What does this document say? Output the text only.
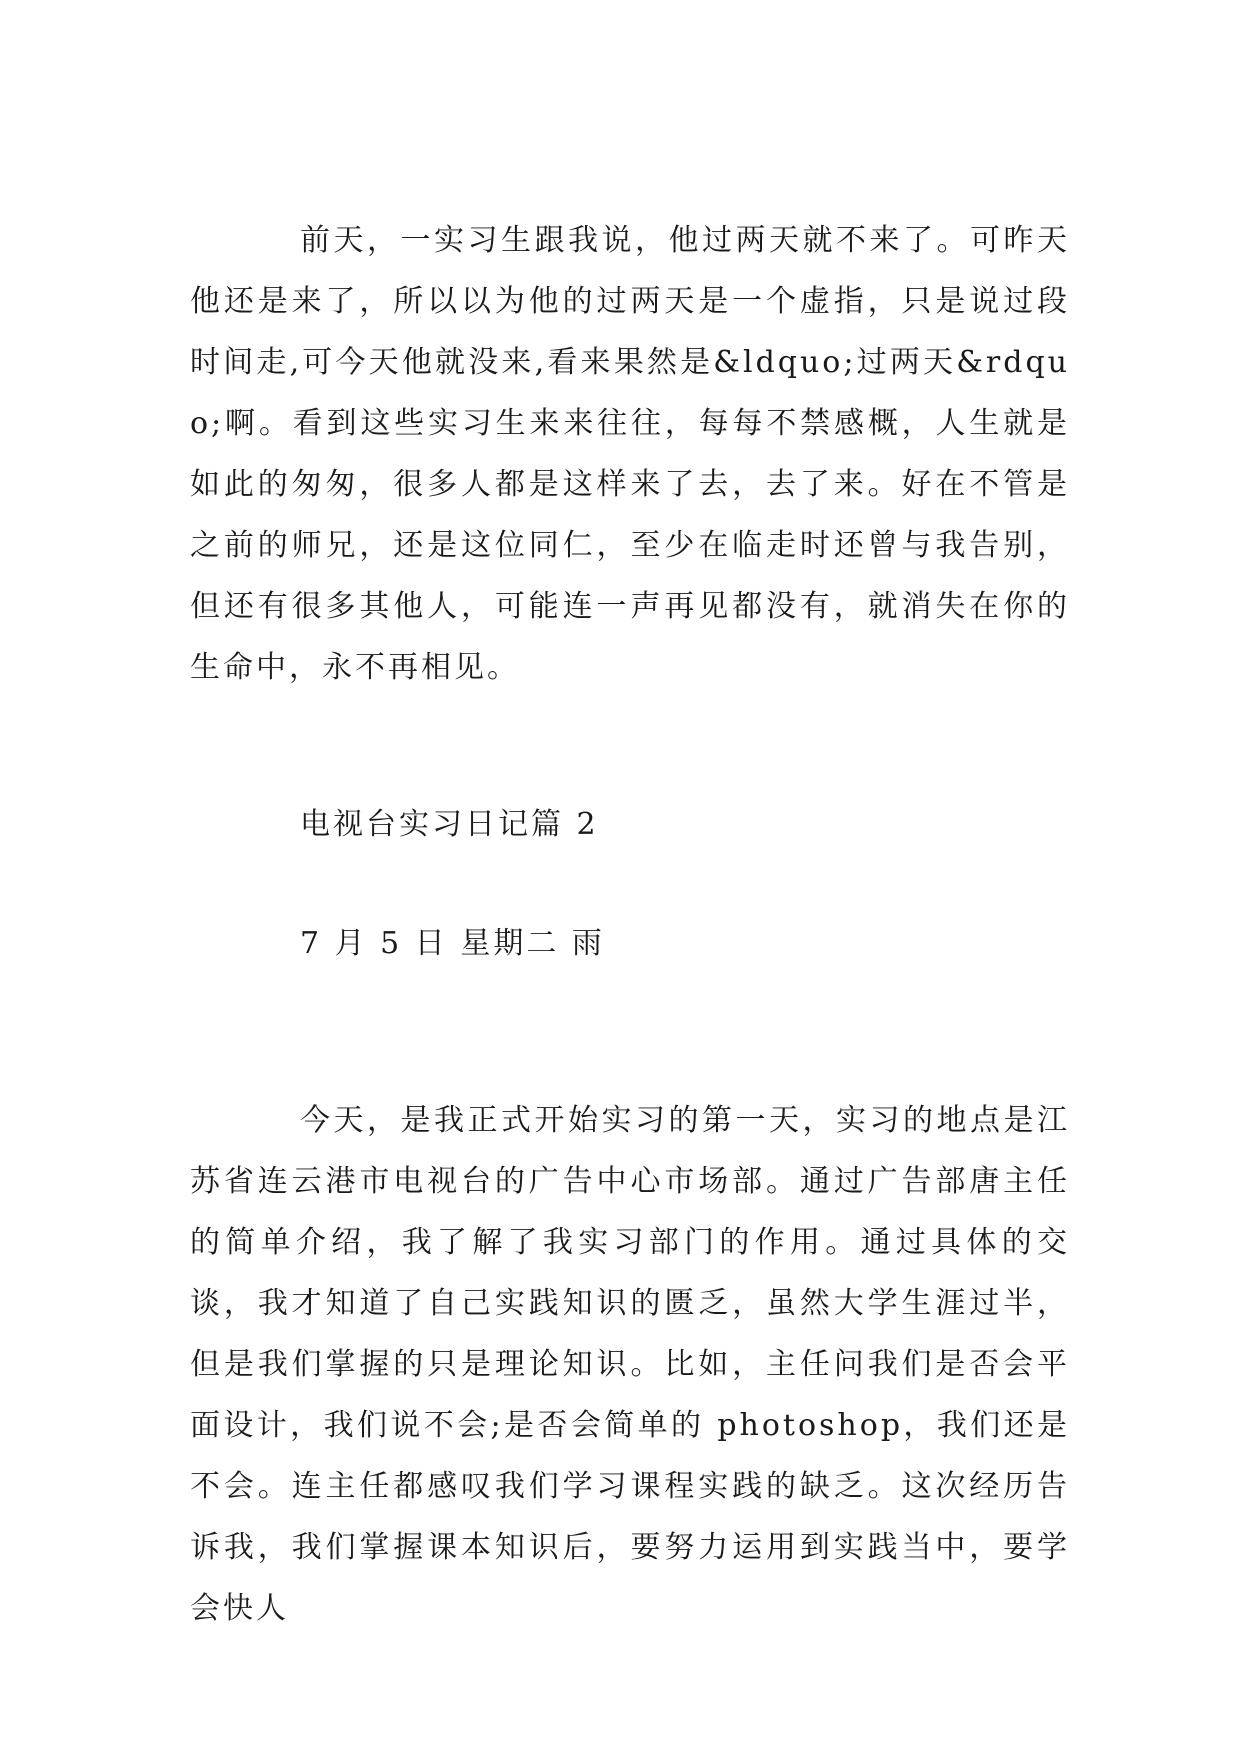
前天，一实习生跟我说，他过两天就不来了。可昨天他还是来了，所以以为他的过两天是一个虚指，只是说过段时间走,可今天他就没来,看来果然是&ldquo;过两天&rdquo;啊。看到这些实习生来来往往，每每不禁感概，人生就是如此的匆匆，很多人都是这样来了去，去了来。好在不管是之前的师兄，还是这位同仁，至少在临走时还曾与我告别，但还有很多其他人，可能连一声再见都没有，就消失在你的生命中，永不再相见。

电视台实习日记篇 2

7 月 5 日 星期二 雨

今天，是我正式开始实习的第一天，实习的地点是江苏省连云港市电视台的广告中心市场部。通过广告部唐主任的简单介绍，我了解了我实习部门的作用。通过具体的交谈，我才知道了自己实践知识的匮乏，虽然大学生涯过半，但是我们掌握的只是理论知识。比如，主任问我们是否会平面设计，我们说不会;是否会简单的 photoshop，我们还是不会。连主任都感叹我们学习课程实践的缺乏。这次经历告诉我，我们掌握课本知识后，要努力运用到实践当中，要学会快人
